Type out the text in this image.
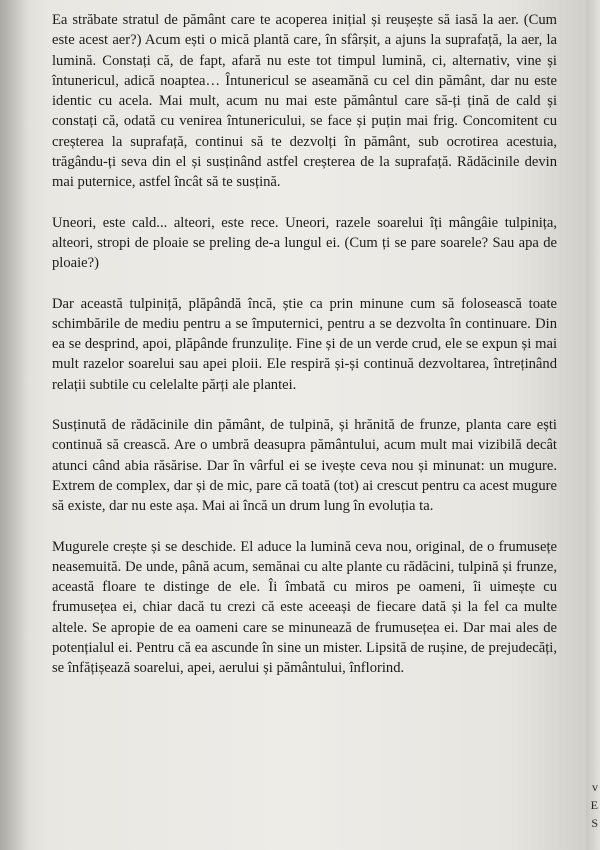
Ea străbate stratul de pământ care te acoperea inițial și reușește să iasă la aer. (Cum este acest aer?) Acum ești o mică plantă care, în sfârșit, a ajuns la suprafață, la aer, la lumină. Constați că, de fapt, afară nu este tot timpul lumină, ci, alternativ, vine și întunericul, adică noaptea… Întunericul se aseamănă cu cel din pământ, dar nu este identic cu acela. Mai mult, acum nu mai este pământul care să-ți țină de cald și constați că, odată cu venirea întunericului, se face și puțin mai frig. Concomitent cu creșterea la suprafață, continui să te dezvolți în pământ, sub ocrotirea acestuia, trăgându-ți seva din el și susținând astfel creșterea de la suprafață. Rădăcinile devin mai puternice, astfel încât să te susțină.

Uneori, este cald... alteori, este rece. Uneori, razele soarelui îți mângâie tulpinița, alteori, stropi de ploaie se preling de-a lungul ei. (Cum ți se pare soarele? Sau apa de ploaie?)

Dar această tulpiniță, plăpândă încă, știe ca prin minune cum să folosească toate schimbările de mediu pentru a se împuternici, pentru a se dezvolta în continuare. Din ea se desprind, apoi, plăpânde frunzulițe. Fine și de un verde crud, ele se expun și mai mult razelor soarelui sau apei ploii. Ele respiră și-și continuă dezvoltarea, întreținând relații subtile cu celelalte părți ale plantei.

Susținută de rădăcinile din pământ, de tulpină, și hrănită de frunze, planta care ești continuă să crească. Are o umbră deasupra pământului, acum mult mai vizibilă decât atunci când abia răsărise. Dar în vârful ei se ivește ceva nou și minunat: un mugure. Extrem de complex, dar și de mic, pare că toată (tot) ai crescut pentru ca acest mugure să existe, dar nu este așa. Mai ai încă un drum lung în evoluția ta.

Mugurele crește și se deschide. El aduce la lumină ceva nou, original, de o frumusețe neasemuită. De unde, până acum, semănai cu alte plante cu rădăcini, tulpină și frunze, această floare te distinge de ele. Îi îmbată cu miros pe oameni, îi uimește cu frumusețea ei, chiar dacă tu crezi că este aceeași de fiecare dată și la fel ca multe altele. Se apropie de ea oameni care se minunează de frumusețea ei. Dar mai ales de potențialul ei. Pentru că ea ascunde în sine un mister. Lipsită de rușine, de prejudecăți, se înfățișează soarelui, apei, aerului și pământului, înflorind.

v
E
S
